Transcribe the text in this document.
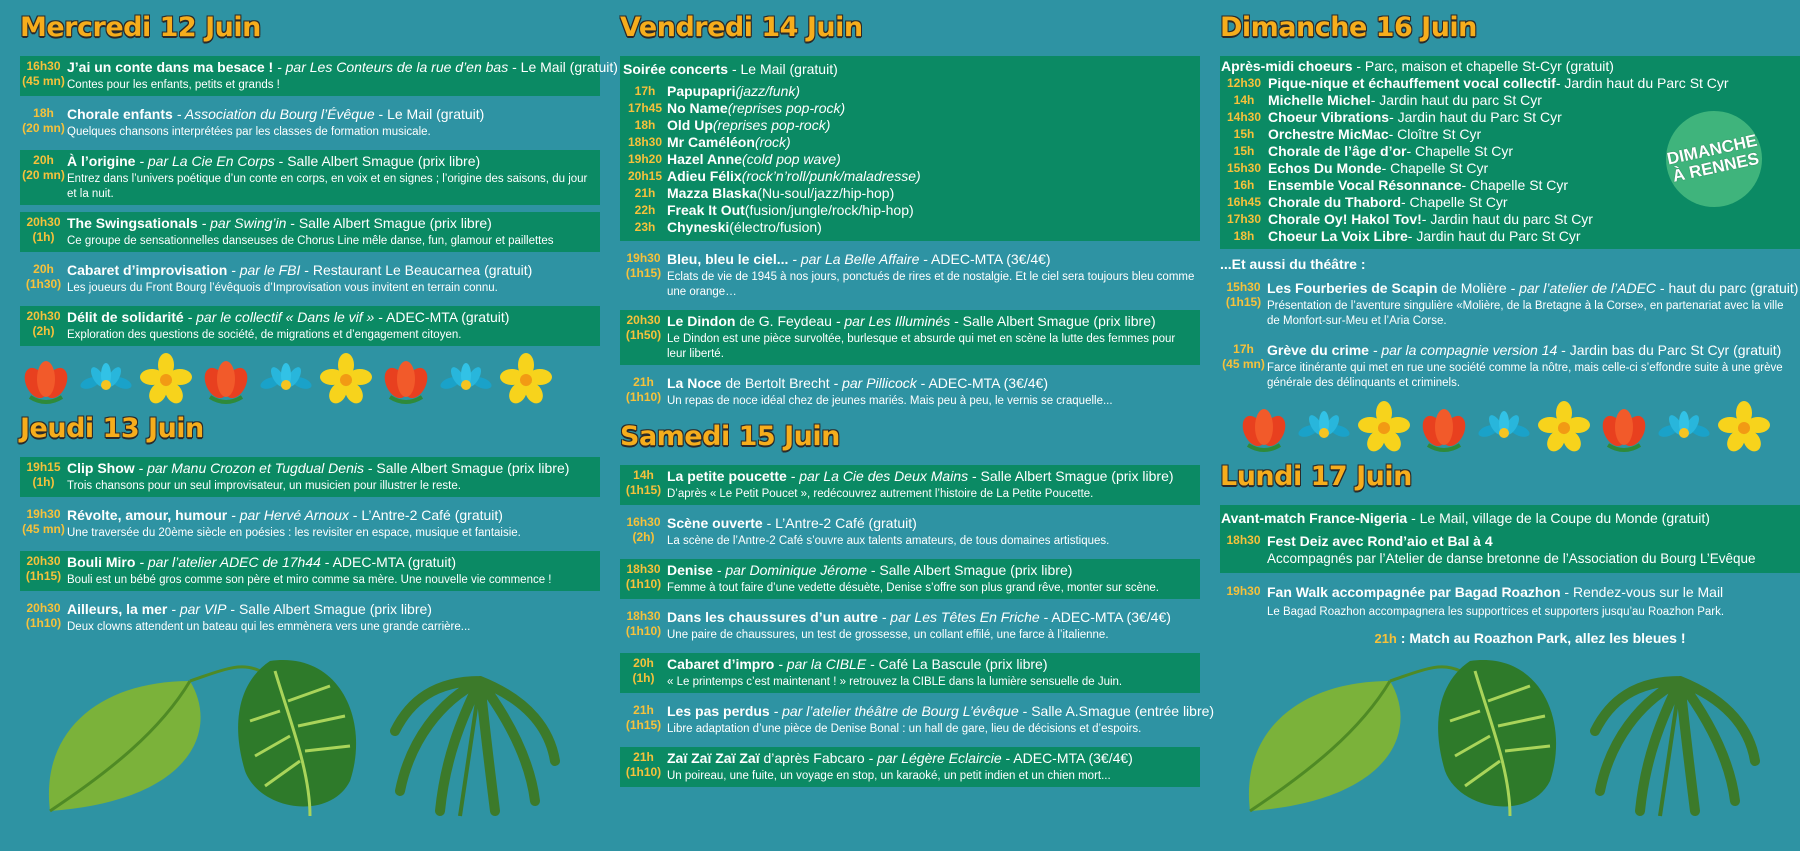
Mercredi 12 Juin
16h30
(45 mn)
J’ai un conte dans ma besace ! - par Les Conteurs de la rue d’en bas - Le Mail (gratuit)
Contes pour les enfants, petits et grands !
18h
(20 mn)
Chorale enfants - Association du Bourg l’Évêque - Le Mail (gratuit)
Quelques chansons interprétées par les classes de formation musicale.
20h
(20 mn)
À l’origine - par La Cie En Corps - Salle Albert Smague (prix libre)
Entrez dans l’univers poétique d’un conte en corps, en voix et en signes ; l’origine des saisons, du jour et la nuit.
20h30
(1h)
The Swingsationals - par Swing’in - Salle Albert Smague (prix libre)
Ce groupe de sensationnelles danseuses de Chorus Line mêle danse, fun, glamour et paillettes
20h
(1h30)
Cabaret d’improvisation - par le FBI - Restaurant Le Beaucarnea (gratuit)
Les joueurs du Front Bourg l’évêquois d’Improvisation vous invitent en terrain connu.
20h30
(2h)
Délit de solidarité - par le collectif « Dans le vif » - ADEC-MTA (gratuit)
Exploration des questions de société, de migrations et d’engagement citoyen.
Jeudi 13 Juin
19h15
(1h)
Clip Show - par Manu Crozon et Tugdual Denis - Salle Albert Smague (prix libre)
Trois chansons pour un seul improvisateur, un musicien pour illustrer le reste.
19h30
(45 mn)
Révolte, amour, humour - par Hervé Arnoux - L’Antre-2 Café (gratuit)
Une traversée du 20ème siècle en poésies : les revisiter en espace, musique et fantaisie.
20h30
(1h15)
Bouli Miro - par l’atelier ADEC de 17h44 - ADEC-MTA (gratuit)
Bouli est un bébé gros comme son père et miro comme sa mère. Une nouvelle vie commence !
20h30
(1h10)
Ailleurs, la mer - par VIP - Salle Albert Smague (prix libre)
Deux clowns attendent un bateau qui les emmènera vers une grande carrière...
Vendredi 14 Juin
Soirée concerts - Le Mail (gratuit)
17h Papupapri (jazz/funk)
17h45 No Name (reprises pop-rock)
18h Old Up (reprises pop-rock)
18h30 Mr Caméléon (rock)
19h20 Hazel Anne (cold pop wave)
20h15 Adieu Félix (rock’n’roll/punk/maladresse)
21h Mazza Blaska (Nu-soul/jazz/hip-hop)
22h Freak It Out (fusion/jungle/rock/hip-hop)
23h Chyneski (électro/fusion)
19h30
(1h15)
Bleu, bleu le ciel... - par La Belle Affaire - ADEC-MTA (3€/4€)
Eclats de vie de 1945 à nos jours, ponctués de rires et de nostalgie. Et le ciel sera toujours bleu comme une orange…
20h30
(1h50)
Le Dindon de G. Feydeau - par Les Illuminés - Salle Albert Smague (prix libre)
Le Dindon est une pièce survoltée, burlesque et absurde qui met en scène la lutte des femmes pour leur liberté.
21h
(1h10)
La Noce de Bertolt Brecht - par Pillicock - ADEC-MTA (3€/4€)
Un repas de noce idéal chez de jeunes mariés. Mais peu à peu, le vernis se craquelle...
Samedi 15 Juin
14h
(1h15)
La petite poucette - par La Cie des Deux Mains - Salle Albert Smague (prix libre)
D’après « Le Petit Poucet », redécouvrez autrement l’histoire de La Petite Poucette.
16h30
(2h)
Scène ouverte - L’Antre-2 Café (gratuit)
La scène de l’Antre-2 Café s’ouvre aux talents amateurs, de tous domaines artistiques.
18h30
(1h10)
Denise - par Dominique Jérome - Salle Albert Smague (prix libre)
Femme à tout faire d’une vedette désuète, Denise s’offre son plus grand rêve, monter sur scène.
18h30
(1h10)
Dans les chaussures d’un autre - par Les Têtes En Friche - ADEC-MTA (3€/4€)
Une paire de chaussures, un test de grossesse, un collant effilé, une farce à l’italienne.
20h
(1h)
Cabaret d’impro - par la CIBLE - Café La Bascule (prix libre)
« Le printemps c’est maintenant ! » retrouvez la CIBLE dans la lumière sensuelle de Juin.
21h
(1h15)
Les pas perdus - par l’atelier théâtre de Bourg L’évêque - Salle A.Smague (entrée libre)
Libre adaptation d’une pièce de Denise Bonal : un hall de gare, lieu de décisions et d’espoirs.
21h
(1h10)
Zaï Zaï Zaï Zaï d’après Fabcaro - par Légère Eclaircie - ADEC-MTA (3€/4€)
Un poireau, une fuite, un voyage en stop, un karaoké, un petit indien et un chien mort...
Dimanche 16 Juin
Après-midi choeurs - Parc, maison et chapelle St-Cyr (gratuit)
12h30 Pique-nique et échauffement vocal collectif - Jardin haut du Parc St Cyr
14h Michelle Michel - Jardin haut du parc St Cyr
14h30 Choeur Vibrations - Jardin haut du Parc St Cyr
15h Orchestre MicMac - Cloître St Cyr
15h Chorale de l’âge d’or - Chapelle St Cyr
15h30 Echos Du Monde - Chapelle St Cyr
16h Ensemble Vocal Résonnance - Chapelle St Cyr
16h45 Chorale du Thabord - Chapelle St Cyr
17h30 Chorale Oy! Hakol Tov! - Jardin haut du parc St Cyr
18h Choeur La Voix Libre - Jardin haut du Parc St Cyr
DIMANCHE À RENNES
...Et aussi du théâtre :
15h30
(1h15)
Les Fourberies de Scapin de Molière - par l’atelier de l’ADEC - haut du parc (gratuit)
Présentation de l’aventure singulière «Molière, de la Bretagne à la Corse», en partenariat avec la ville de Monfort-sur-Meu et l’Aria Corse.
17h
(45 mn)
Grève du crime - par la compagnie version 14 - Jardin bas du Parc St Cyr (gratuit)
Farce itinérante qui met en rue une société comme la nôtre, mais celle-ci s’effondre suite à une grève générale des délinquants et criminels.
Lundi 17 Juin
Avant-match France-Nigeria - Le Mail, village de la Coupe du Monde (gratuit)
18h30 Fest Deiz avec Rond’aio et Bal à 4
Accompagnés par l’Atelier de danse bretonne de l’Association du Bourg L’Evêque
19h30 Fan Walk accompagnée par Bagad Roazhon - Rendez-vous sur le Mail
Le Bagad Roazhon accompagnera les supportrices et supporters jusqu’au Roazhon Park.
21h : Match au Roazhon Park, allez les bleues !
